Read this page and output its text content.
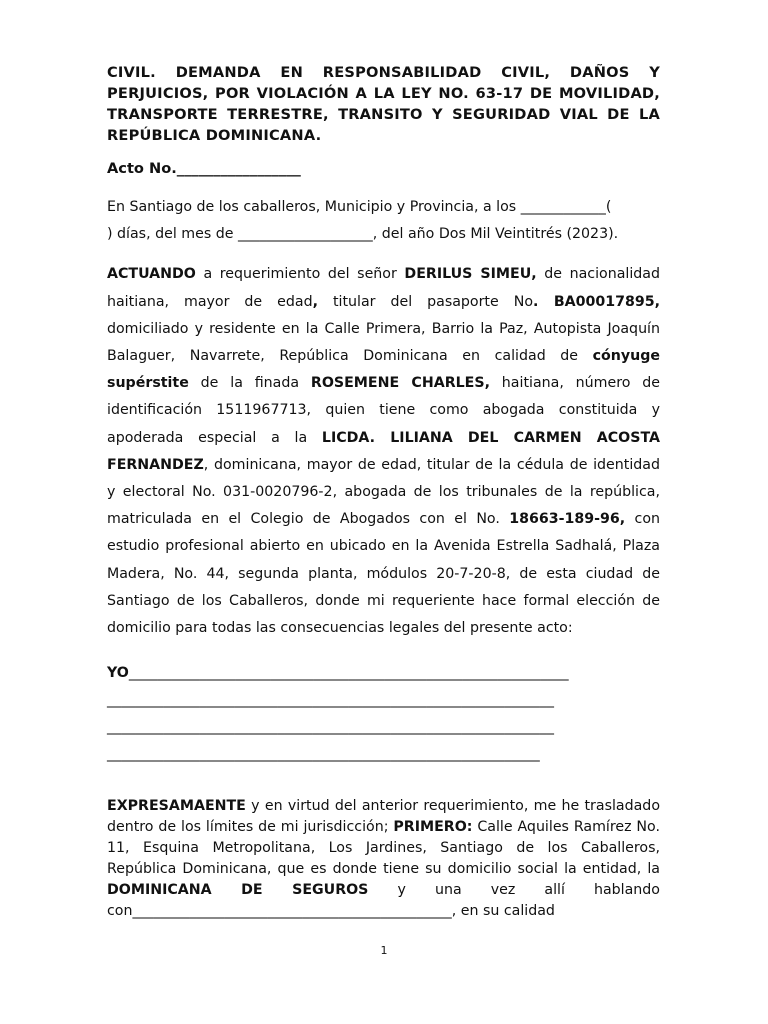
CIVIL. DEMANDA EN RESPONSABILIDAD CIVIL, DAÑOS Y PERJUICIOS, POR VIOLACIÓN A LA LEY NO. 63-17 DE MOVILIDAD, TRANSPORTE TERRESTRE, TRANSITO Y SEGURIDAD VIAL DE LA REPÚBLICA DOMINICANA.

Acto No._________________

En Santiago de los caballeros, Municipio y Provincia, a los ____________(
) días, del mes de ___________________, del año Dos Mil Veintitrés (2023).

ACTUANDO a requerimiento del señor DERILUS SIMEU, de nacionalidad haitiana, mayor de edad, titular del pasaporte No. BA00017895, domiciliado y residente en la Calle Primera, Barrio la Paz, Autopista Joaquín Balaguer, Navarrete, República Dominicana en calidad de cónyuge supérstite de la finada ROSEMENE CHARLES, haitiana, número de identificación 1511967713, quien tiene como abogada constituida y apoderada especial a la LICDA. LILIANA DEL CARMEN ACOSTA FERNANDEZ, dominicana, mayor de edad, titular de la cédula de identidad y electoral No. 031-0020796-2, abogada de los tribunales de la república, matriculada en el Colegio de Abogados con el No. 18663-189-96, con estudio profesional abierto en ubicado en la Avenida Estrella Sadhalá, Plaza Madera, No. 44, segunda planta, módulos 20-7-20-8, de esta ciudad de Santiago de los Caballeros, donde mi requeriente hace formal elección de domicilio para todas las consecuencias legales del presente acto:

YO______________________________________________________________
_______________________________________________________________
_______________________________________________________________
_____________________________________________________________

EXPRESAMAENTE y en virtud del anterior requerimiento, me he trasladado dentro de los límites de mi jurisdicción; PRIMERO: Calle Aquiles Ramírez No. 11, Esquina Metropolitana, Los Jardines, Santiago de los Caballeros, República Dominicana, que es donde tiene su domicilio social la entidad, la DOMINICANA DE SEGUROS y una vez allí hablando con_____________________________________________, en su calidad

1
